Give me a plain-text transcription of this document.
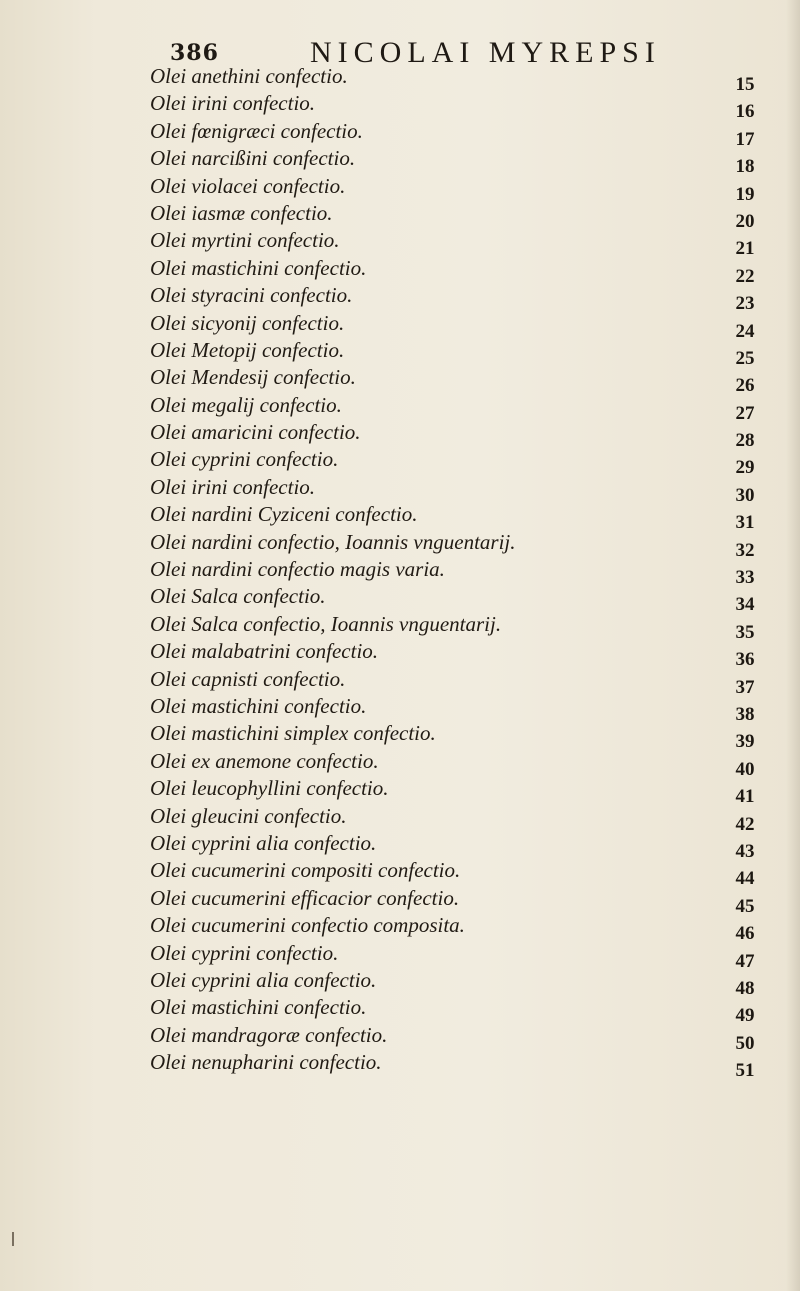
386	NICOLAI MYREPSI
Olei anethini confectio.	15
Olei irini confectio.	16
Olei fœnigræci confectio.	17
Olei narcißini confectio.	18
Olei violacei confectio.	19
Olei iasmæ confectio.	20
Olei myrtini confectio.	21
Olei mastichini confectio.	22
Olei styracini confectio.	23
Olei sicyonij confectio.	24
Olei Metopij confectio.	25
Olei Mendesij confectio.	26
Olei megalij confectio.	27
Olei amaricini confectio.	28
Olei cyprini confectio.	29
Olei irini confectio.	30
Olei nardini Cyziceni confectio.	31
Olei nardini confectio, Ioannis vnguentarij.	32
Olei nardini confectio magis varia.	33
Olei Salca confectio.	34
Olei Salca confectio, Ioannis vnguentarij.	35
Olei malabatrini confectio.	36
Olei capnisti confectio.	37
Olei mastichini confectio.	38
Olei mastichini simplex confectio.	39
Olei ex anemone confectio.	40
Olei leucophyllini confectio.	41
Olei gleucini confectio.	42
Olei cyprini alia confectio.	43
Olei cucumerini compositi confectio.	44
Olei cucumerini efficacior confectio.	45
Olei cucumerini confectio composita.	46
Olei cyprini confectio.	47
Olei cyprini alia confectio.	48
Olei mastichini confectio.	49
Olei mandragoræ confectio.	50
Olei nenupharini confectio.	51
